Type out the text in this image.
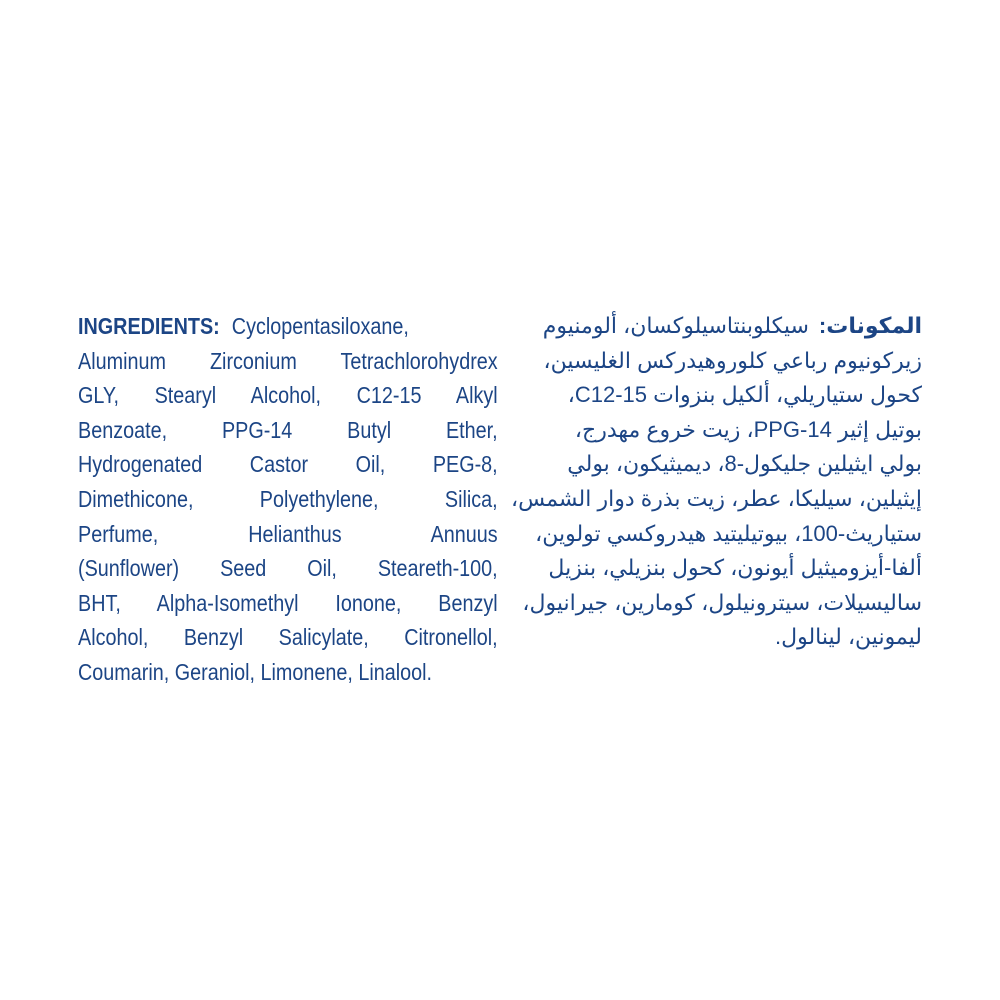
INGREDIENTS: Cyclopentasiloxane,
Aluminum Zirconium Tetrachlorohydrex
GLY, Stearyl Alcohol, C12-15 Alkyl
Benzoate, PPG-14 Butyl Ether,
Hydrogenated Castor Oil, PEG-8,
Dimethicone, Polyethylene, Silica,
Perfume, Helianthus Annuus
(Sunflower) Seed Oil, Steareth-100,
BHT, Alpha-Isomethyl Ionone, Benzyl
Alcohol, Benzyl Salicylate, Citronellol,
Coumarin, Geraniol, Limonene, Linalool.
المكونات:سيكلوبنتاسيلوكسان، ألومنيوم
زيركونيوم رباعي كلوروهيدركس الغليسين،
كحول ستياريلي، ألكيل بنزوات C12-15،
بوتيل إثير PPG-14، زيت خروع مهدرج،
بولي ايثيلين جليكول-8، ديميثيكون، بولي
إيثيلين، سيليكا، عطر، زيت بذرة دوار الشمس،
ستياريث-100، بيوتيليتيد هيدروكسي تولوين،
ألفا-أيزوميثيل أيونون، كحول بنزيلي، بنزيل
ساليسيلات، سيترونيلول، كومارين، جيرانيول،
ليمونين، لينالول.
